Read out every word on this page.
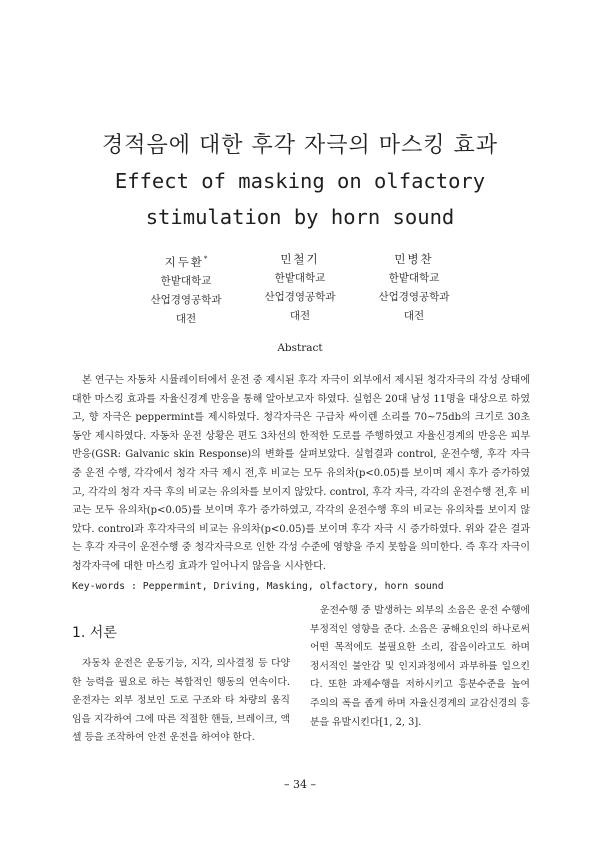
경적음에 대한 후각 자극의 마스킹 효과
Effect of masking on olfactory stimulation by horn sound
지두환*
한밭대학교
산업경영공학과
대전
민철기
한밭대학교
산업경영공학과
대전
민병찬
한밭대학교
산업경영공학과
대전
Abstract

본 연구는 자동차 시뮬레이터에서 운전 중 제시된 후각 자극이 외부에서 제시된 청각자극의 각성 상태에 대한 마스킹 효과를 자율신경계 반응을 통해 알아보고자 하였다. 실험은 20대 남성 11명을 대상으로 하였고, 향 자극은 peppermint를 제시하였다. 청각자극은 구급차 싸이렌 소리를 70~75db의 크기로 30초 동안 제시하였다. 자동차 운전 상황은 편도 3차선의 한적한 도로를 주행하였고 자율신경계의 반응은 피부반응(GSR: Galvanic skin Response)의 변화를 살펴보았다. 실험결과 control, 운전수행, 후각 자극 중 운전 수행, 각각에서 청각 자극 제시 전,후 비교는 모두 유의차(p<0.05)를 보이며 제시 후가 증가하였고, 각각의 청각 자극 후의 비교는 유의차를 보이지 않았다. control, 후각 자극, 각각의 운전수행 전,후 비교는 모두 유의차(p<0.05)를 보이며 후가 증가하였고, 각각의 운전수행 후의 비교는 유의차를 보이지 않았다. control과 후각자극의 비교는 유의차(p<0.05)를 보이며 후각 자극 시 증가하였다. 위와 같은 결과는 후각 자극이 운전수행 중 청각자극으로 인한 각성 수준에 영향을 주지 못함을 의미한다. 즉 후각 자극이 청각자극에 대한 마스킹 효과가 일어나지 않음을 시사한다.

Key-words : Peppermint, Driving, Masking, olfactory, horn sound
1. 서론

자동차 운전은 운동기능, 지각, 의사결정 등 다양한 능력을 필요로 하는 복합적인 행동의 연속이다. 운전자는 외부 정보인 도로 구조와 타 차량의 움직임을 지각하여 그에 따른 적절한 핸들, 브레이크, 액셀 등을 조작하여 안전 운전을 하여야 한다.

운전수행 중 발생하는 외부의 소음은 운전 수행에 부정적인 영향을 준다. 소음은 공해요인의 하나로써 어떤 목적에도 불필요한 소리, 잡음이라고도 하며 정서적인 불안감 및 인지과정에서 과부하를 일으킨다. 또한 과제수행을 저하시키고 흥분수준을 높여 주의의 폭을 좁게 하며 자율신경계의 교감신경의 흥분을 유발시킨다[1, 2, 3].

– 34 –
